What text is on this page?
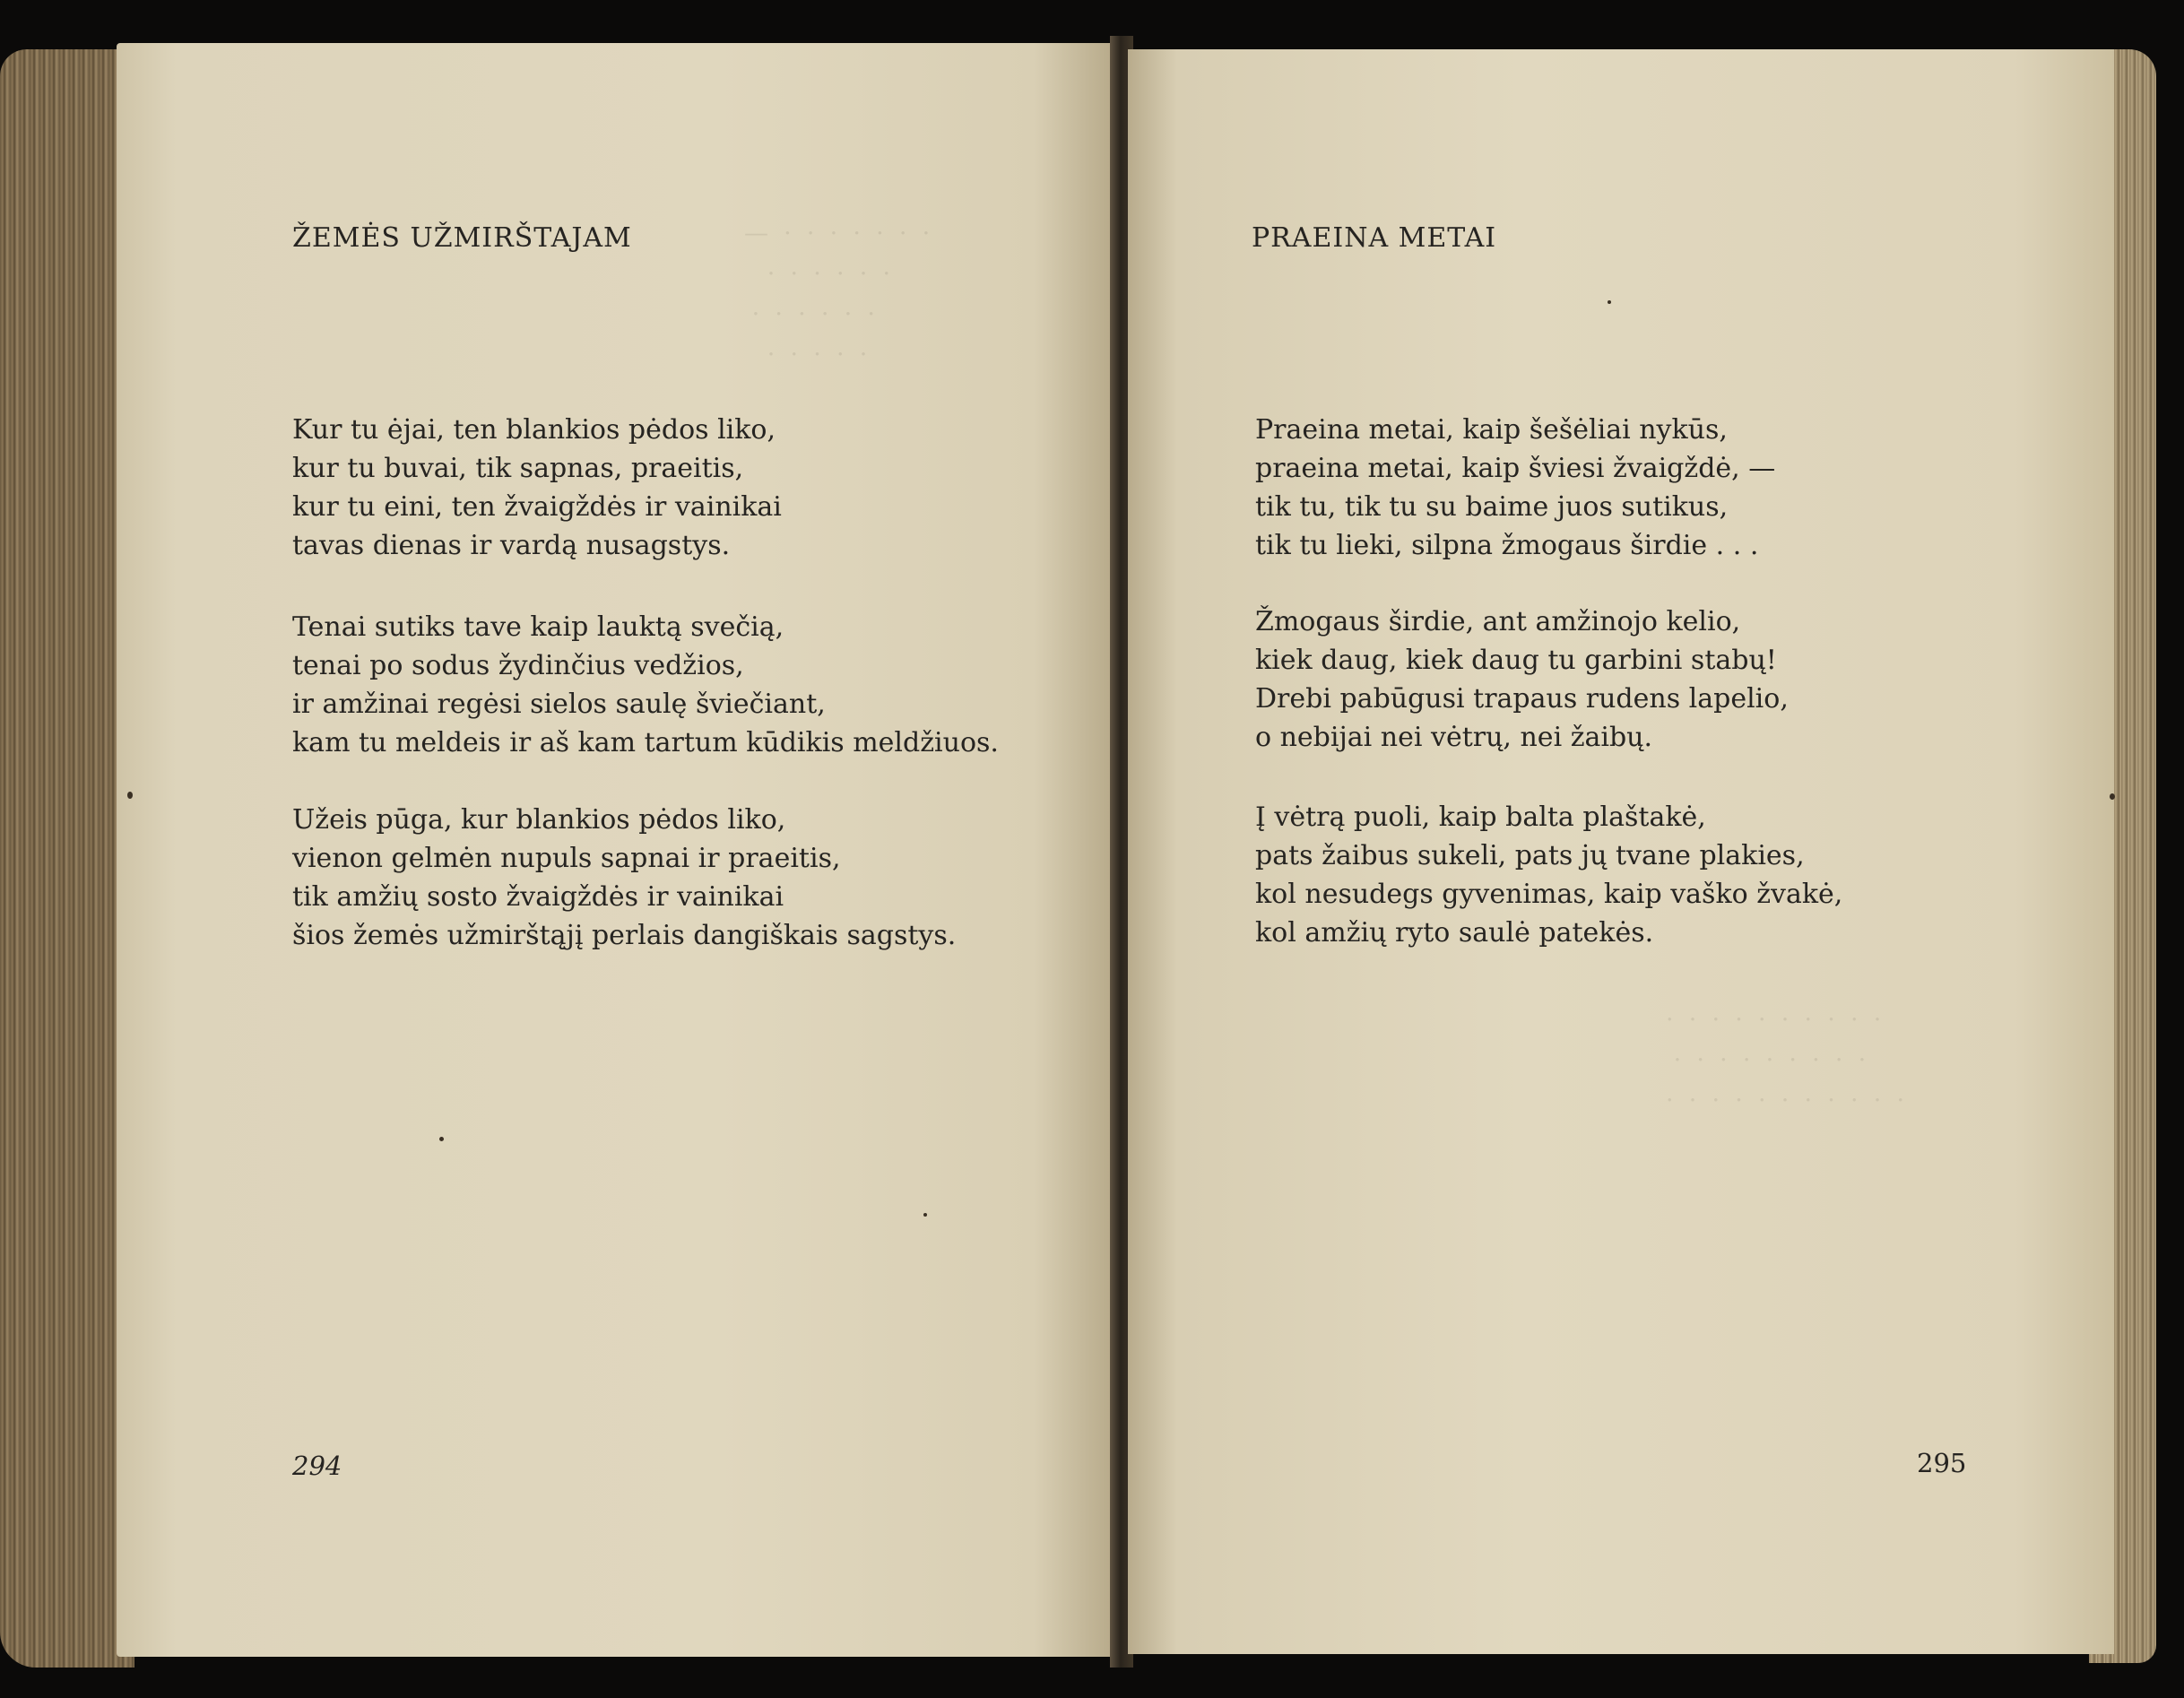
—  ·  ·  ·  ·  ·  ·  ·
·  ·  ·  ·  ·  ·
·  ·  ·  ·  ·  ·
·  ·  ·  ·  ·
ŽEMĖS UŽMIRŠTAJAM
Kur tu ėjai, ten blankios pėdos liko,
kur tu buvai, tik sapnas, praeitis,
kur tu eini, ten žvaigždės ir vainikai
tavas dienas ir vardą nusagstys.
Tenai sutiks tave kaip lauktą svečią,
tenai po sodus žydinčius vedžios,
ir amžinai regėsi sielos saulę šviečiant,
kam tu meldeis ir aš kam tartum kūdikis meldžiuos.
Užeis pūga, kur blankios pėdos liko,
vienon gelmėn nupuls sapnai ir praeitis,
tik amžių sosto žvaigždės ir vainikai
šios žemės užmirštąjį perlais dangiškais sagstys.
294
·  ·  ·  ·  ·  ·  ·  ·  ·  ·
·  ·  ·  ·  ·  ·  ·  ·  ·
·  ·  ·  ·  ·  ·  ·  ·  ·  ·  ·
PRAEINA METAI
Praeina metai, kaip šešėliai nykūs,
praeina metai, kaip šviesi žvaigždė, —
tik tu, tik tu su baime juos sutikus,
tik tu lieki, silpna žmogaus širdie . . .
Žmogaus širdie, ant amžinojo kelio,
kiek daug, kiek daug tu garbini stabų!
Drebi pabūgusi trapaus rudens lapelio,
o nebijai nei vėtrų, nei žaibų.
Į vėtrą puoli, kaip balta plaštakė,
pats žaibus sukeli, pats jų tvane plakies,
kol nesudegs gyvenimas, kaip vaško žvakė,
kol amžių ryto saulė patekės.
295
